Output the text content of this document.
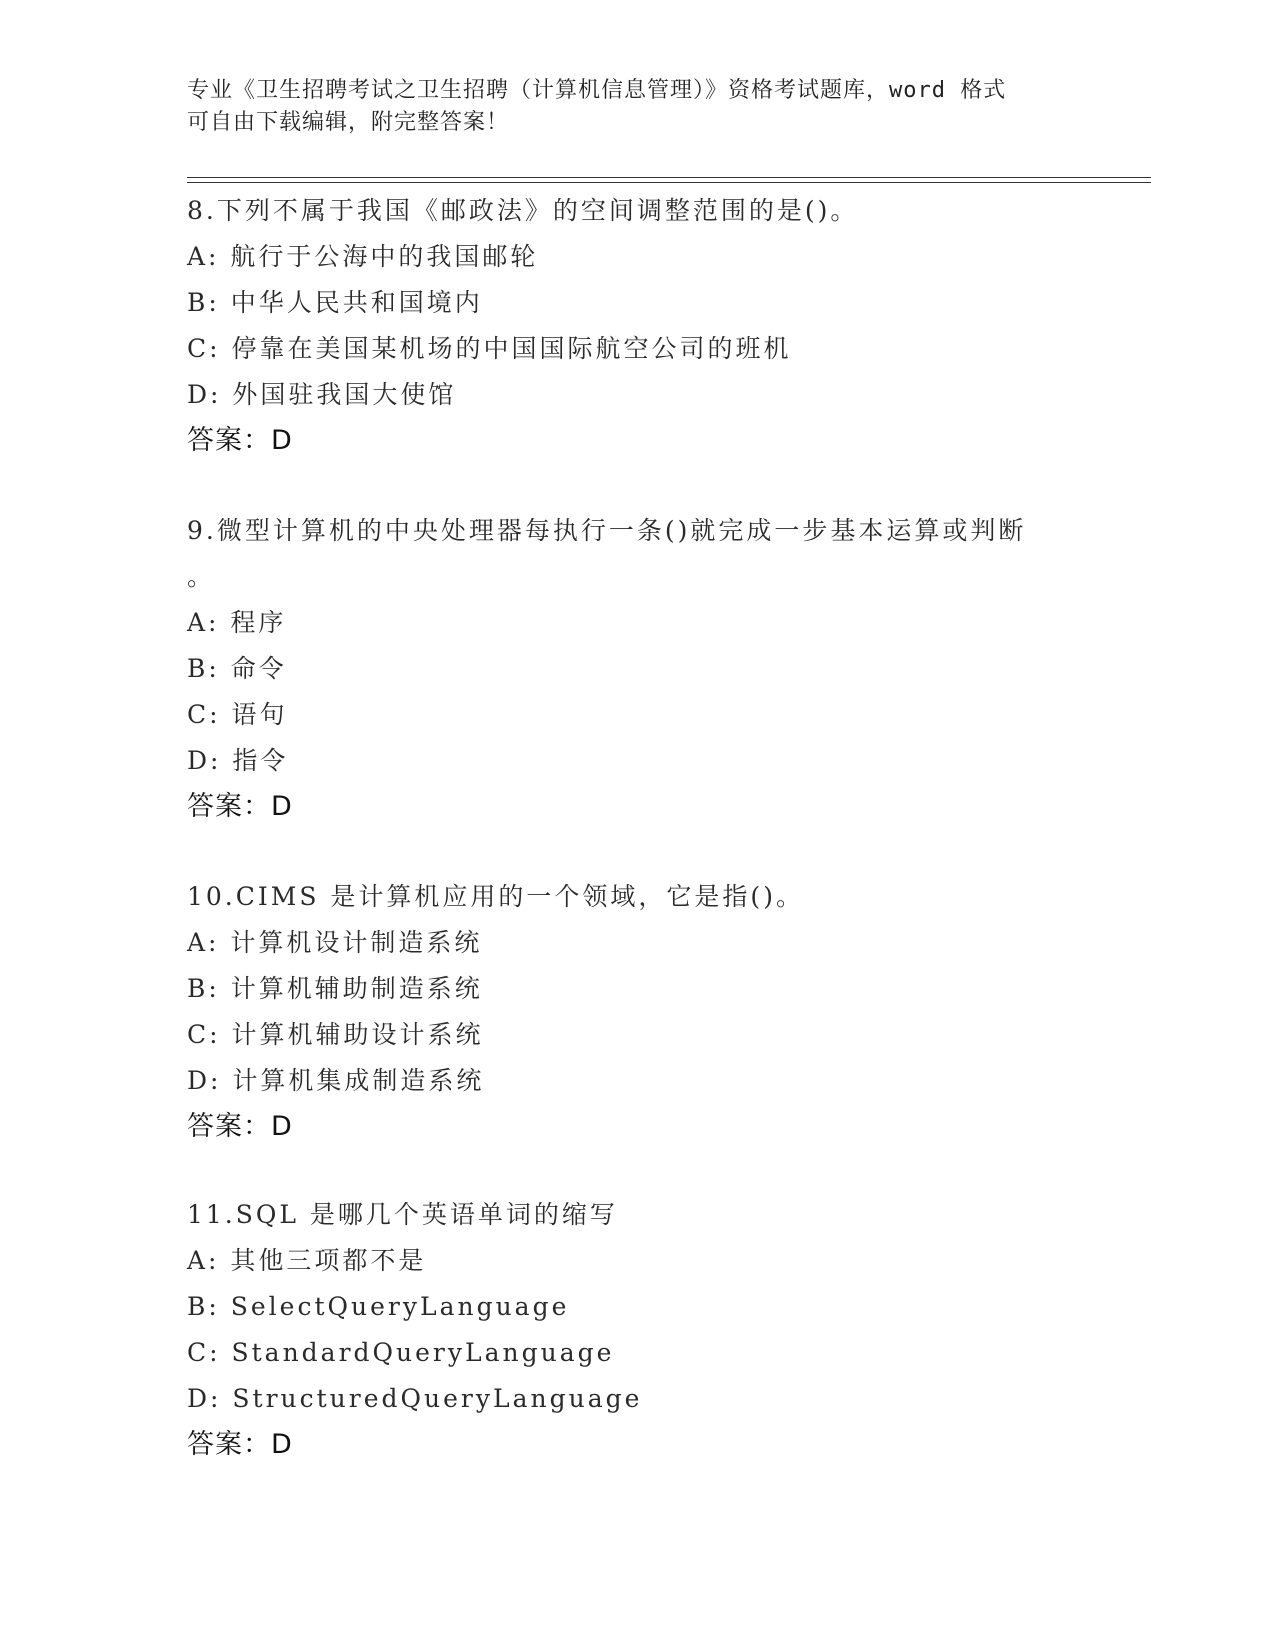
专业《卫生招聘考试之卫生招聘（计算机信息管理）》资格考试题库，word 格式
可自由下载编辑，附完整答案！
8.下列不属于我国《邮政法》的空间调整范围的是()。
A: 航行于公海中的我国邮轮
B: 中华人民共和国境内
C: 停靠在美国某机场的中国国际航空公司的班机
D: 外国驻我国大使馆
答案：D
9.微型计算机的中央处理器每执行一条()就完成一步基本运算或判断
。
A: 程序
B: 命令
C: 语句
D: 指令
答案：D
10.CIMS 是计算机应用的一个领域，它是指()。
A: 计算机设计制造系统
B: 计算机辅助制造系统
C: 计算机辅助设计系统
D: 计算机集成制造系统
答案：D
11.SQL 是哪几个英语单词的缩写
A: 其他三项都不是
B: SelectQueryLanguage
C: StandardQueryLanguage
D: StructuredQueryLanguage
答案：D
